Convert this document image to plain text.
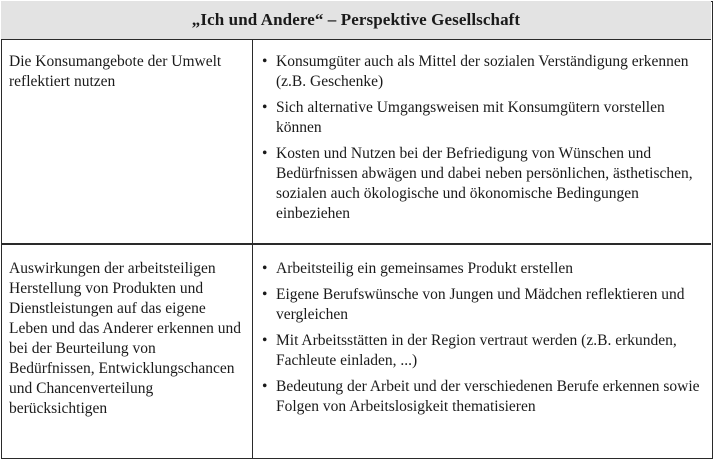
„Ich und Andere“ – Perspektive Gesellschaft
Die Konsumangebote der Umwelt reflektiert nutzen
• Konsumgüter auch als Mittel der sozialen Verständigung erkennen (z.B. Geschenke)
• Sich alternative Umgangsweisen mit Konsumgütern vorstellen können
• Kosten und Nutzen bei der Befriedigung von Wünschen und Bedürfnissen abwägen und dabei neben persönlichen, ästhetischen, sozialen auch ökologische und ökonomische Bedingungen einbeziehen
Auswirkungen der arbeitsteiligen Herstellung von Produkten und Dienstleistungen auf das eigene Leben und das Anderer erkennen und bei der Beurteilung von Bedürfnissen, Entwicklungschancen und Chancenverteilung berücksichtigen
• Arbeitsteilig ein gemeinsames Produkt erstellen
• Eigene Berufswünsche von Jungen und Mädchen reflektieren und vergleichen
• Mit Arbeitsstätten in der Region vertraut werden (z.B. erkunden, Fachleute einladen, ...)
• Bedeutung der Arbeit und der verschiedenen Berufe erkennen sowie Folgen von Arbeitslosigkeit thematisieren
